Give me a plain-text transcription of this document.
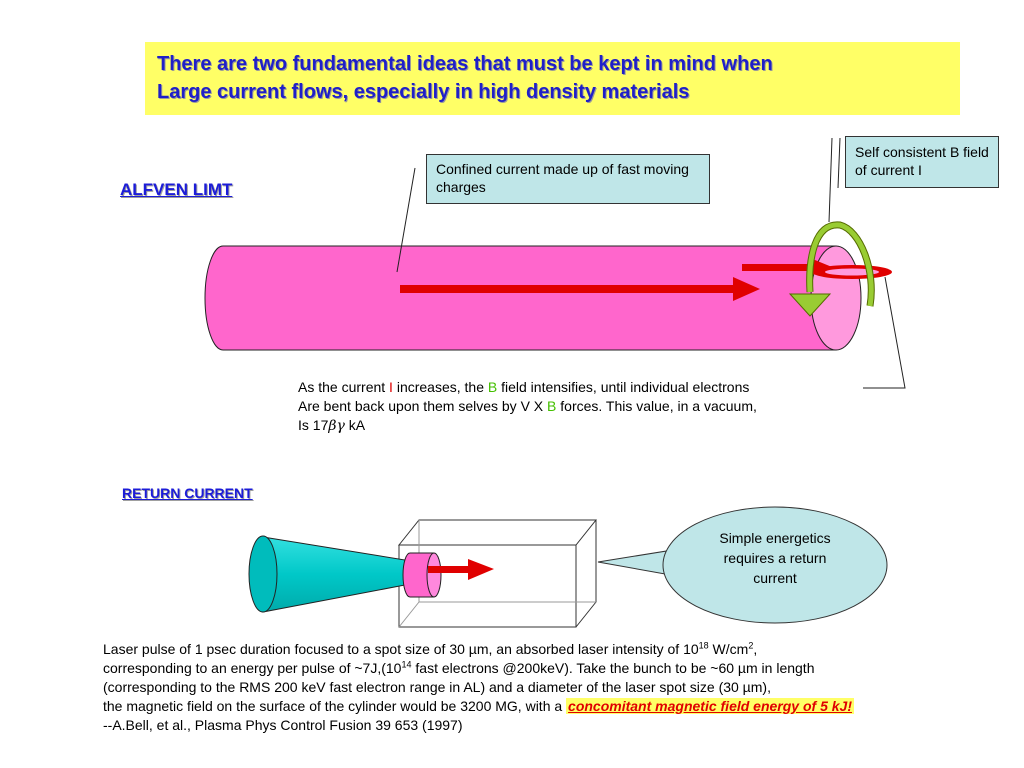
There are two fundamental ideas that must be kept in mind when
Large current flows, especially in high density materials
ALFVEN LIMT
Confined current made up of fast moving charges
Self consistent B field of current I
As the current I increases, the B field intensifies, until individual electrons
Are bent back upon them selves by V X B forces. This value, in a vacuum,
Is 17βγ kA
RETURN CURRENT
Simple energetics requires a return current
Laser pulse of 1 psec duration focused to a spot size of 30 µm, an absorbed laser intensity of $10^{18}$ $W/cm^2$,
corresponding to an energy per pulse of $\sim 7J,(10^{14}$ fast electrons @200keV). Take the bunch to be ~60 µm in length
(corresponding to the RMS 200 keV fast electron range in AL) and a diameter of the laser spot size (30 µm),
the magnetic field on the surface of the cylinder would be 3200 MG, with a concomitant magnetic field energy of 5 kJ!
--A.Bell, et al., Plasma Phys Control Fusion 39 653 (1997)
